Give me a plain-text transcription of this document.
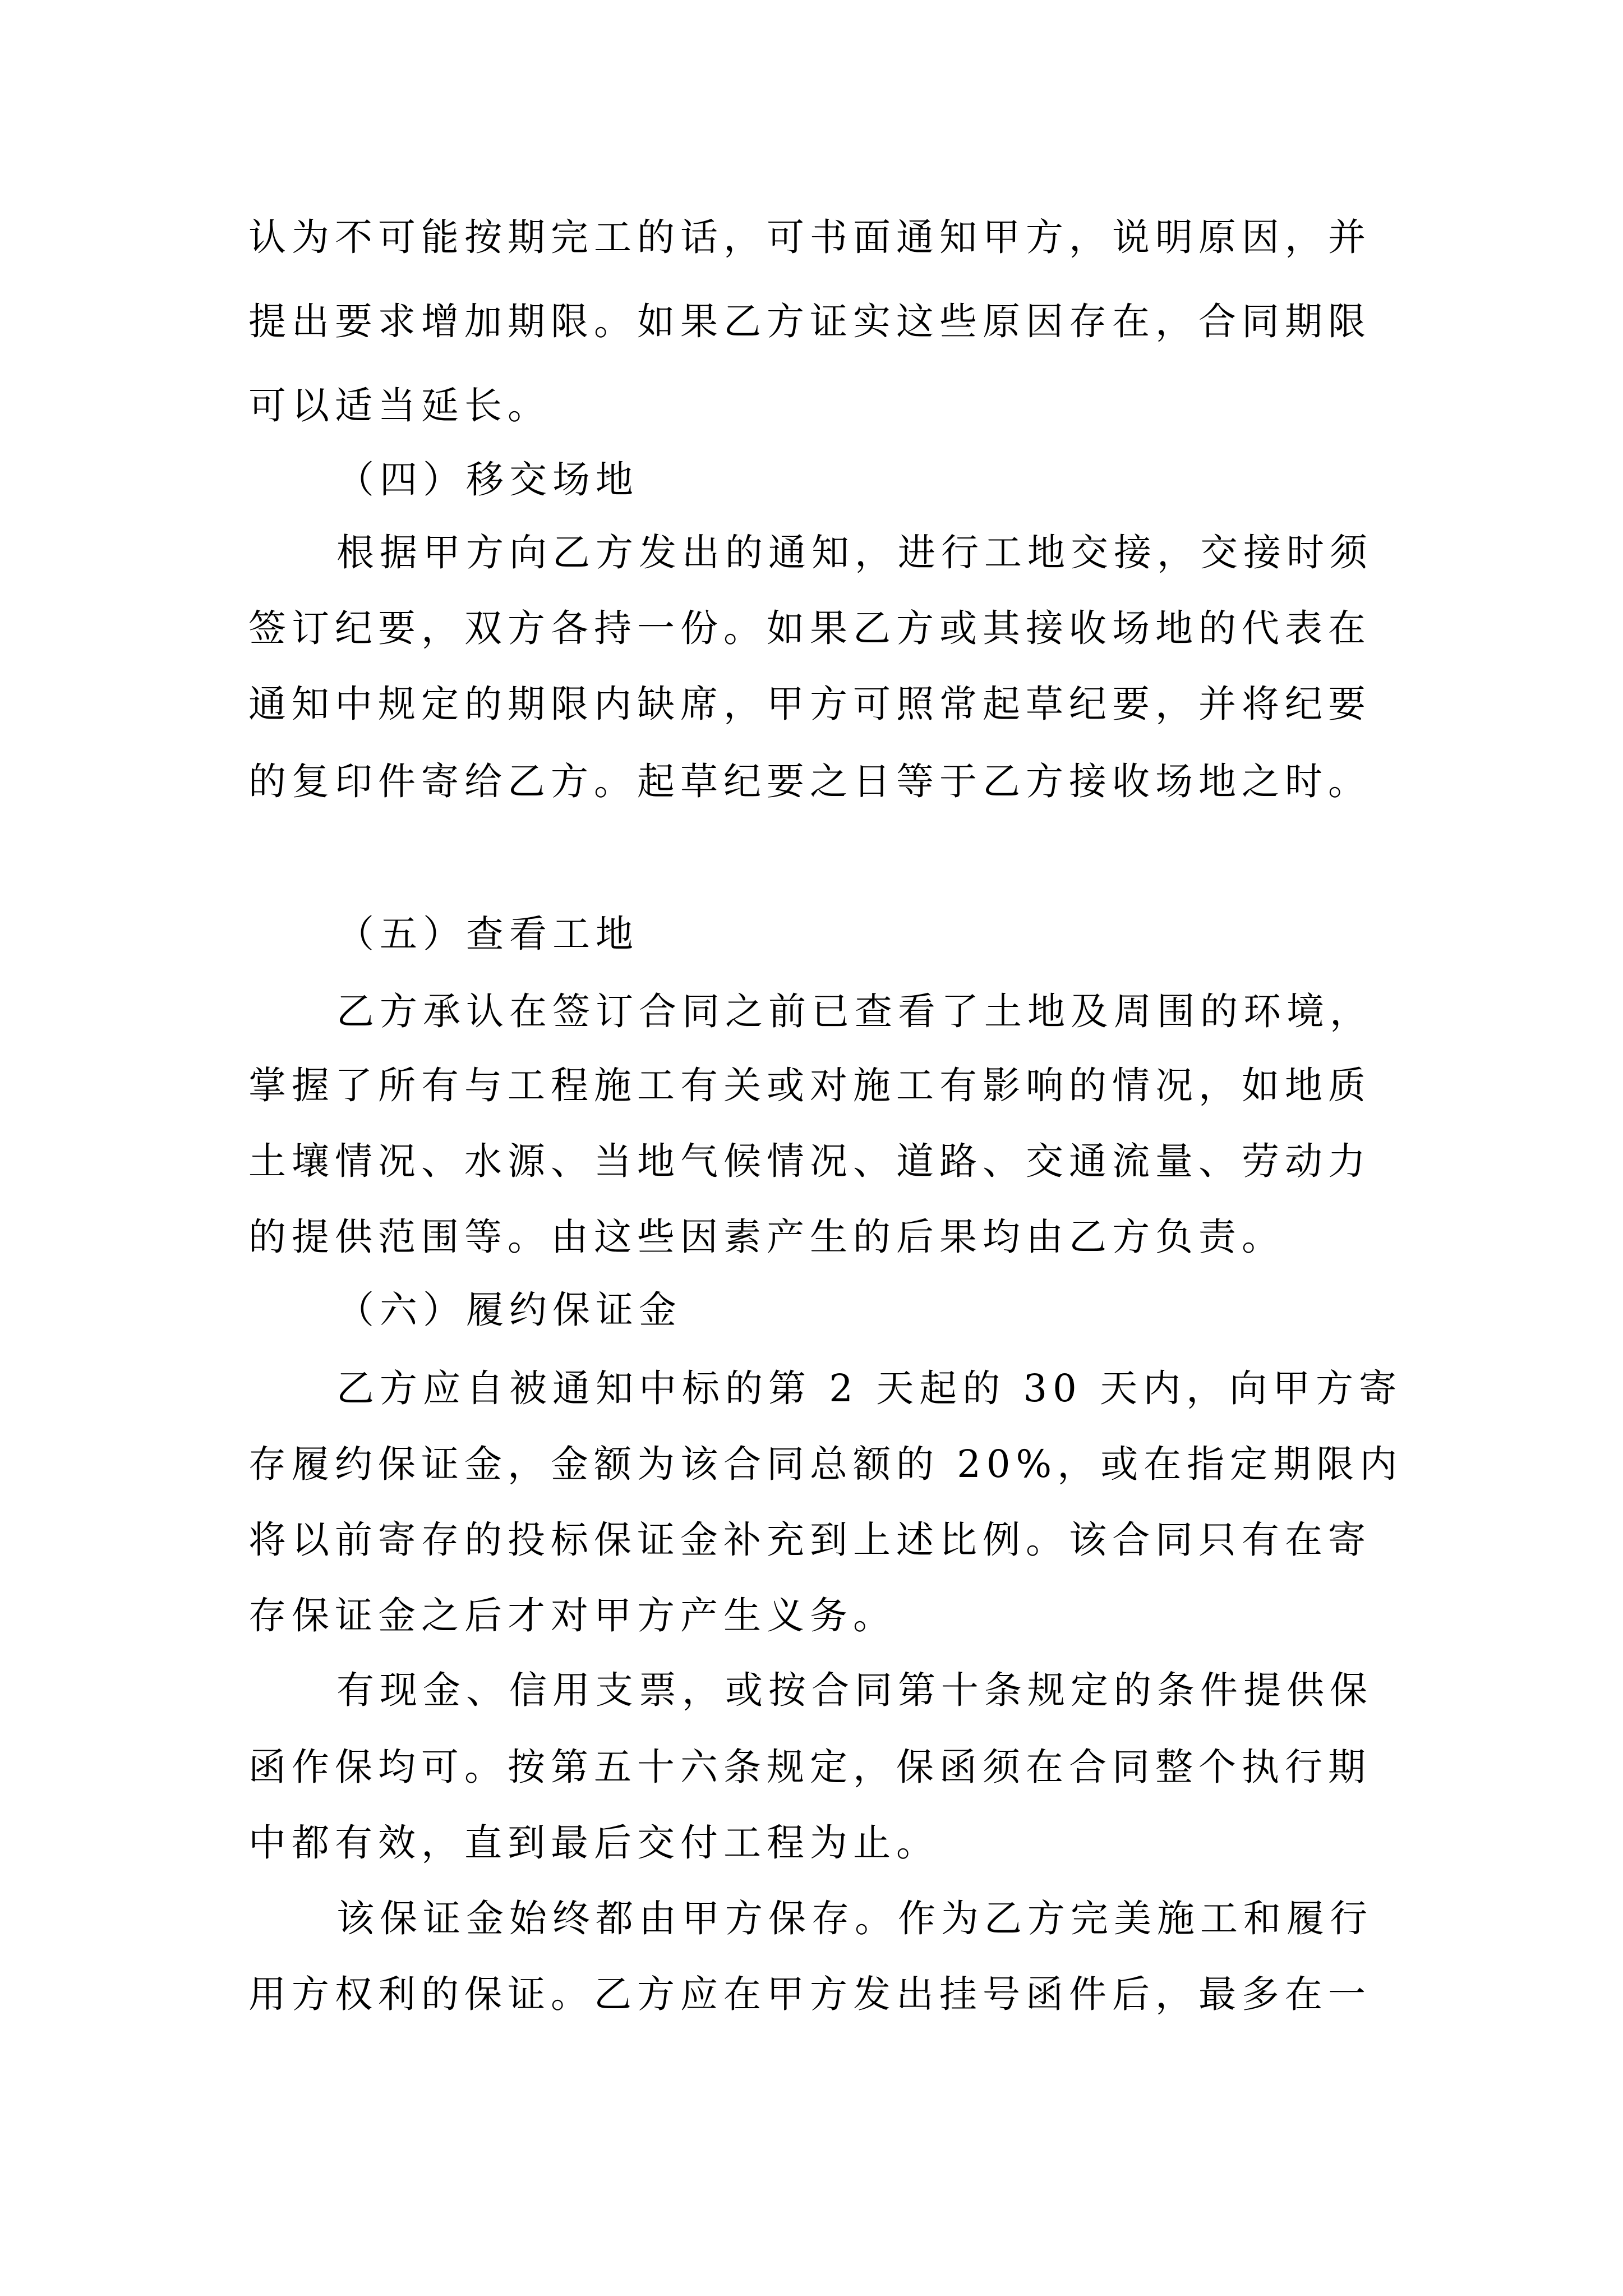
认为不可能按期完工的话，可书面通知甲方，说明原因，并
提出要求增加期限。如果乙方证实这些原因存在，合同期限
可以适当延长。
（四）移交场地
根据甲方向乙方发出的通知，进行工地交接，交接时须
签订纪要，双方各持一份。如果乙方或其接收场地的代表在
通知中规定的期限内缺席，甲方可照常起草纪要，并将纪要
的复印件寄给乙方。起草纪要之日等于乙方接收场地之时。
（五）查看工地
乙方承认在签订合同之前已查看了土地及周围的环境，
掌握了所有与工程施工有关或对施工有影响的情况，如地质
土壤情况、水源、当地气候情况、道路、交通流量、劳动力
的提供范围等。由这些因素产生的后果均由乙方负责。
（六）履约保证金
乙方应自被通知中标的第 2 天起的 30 天内，向甲方寄
存履约保证金，金额为该合同总额的 20%，或在指定期限内
将以前寄存的投标保证金补充到上述比例。该合同只有在寄
存保证金之后才对甲方产生义务。
有现金、信用支票，或按合同第十条规定的条件提供保
函作保均可。按第五十六条规定，保函须在合同整个执行期
中都有效，直到最后交付工程为止。
该保证金始终都由甲方保存。作为乙方完美施工和履行
用方权利的保证。乙方应在甲方发出挂号函件后，最多在一
